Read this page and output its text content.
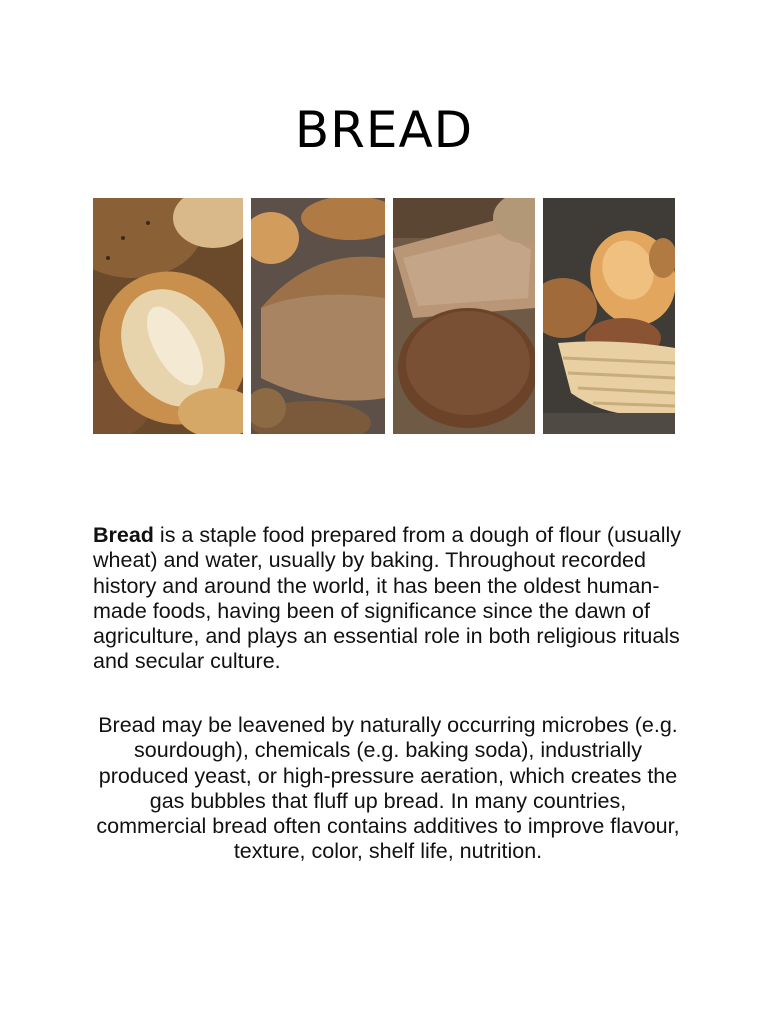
BREAD

Bread is a staple food prepared from a dough of flour (usually wheat) and water, usually by baking. Throughout recorded history and around the world, it has been the oldest human-made foods, having been of significance since the dawn of agriculture, and plays an essential role in both religious rituals and secular culture.

Bread may be leavened by naturally occurring microbes (e.g. sourdough), chemicals (e.g. baking soda), industrially produced yeast, or high-pressure aeration, which creates the gas bubbles that fluff up bread. In many countries, commercial bread often contains additives to improve flavour, texture, color, shelf life, nutrition.
